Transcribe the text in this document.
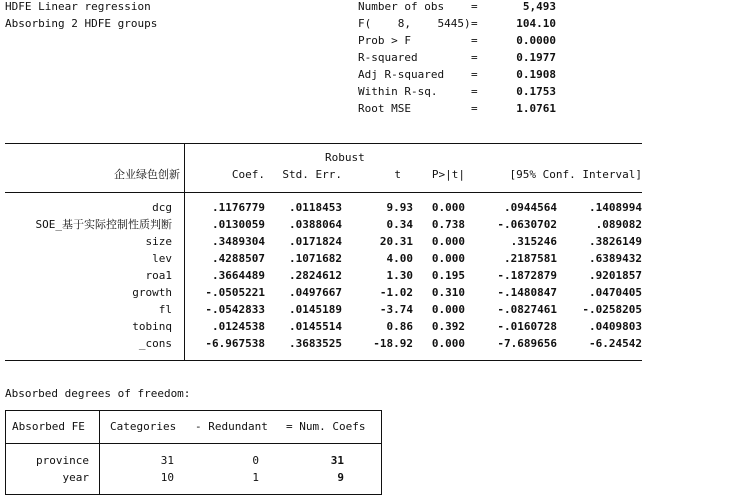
HDFE Linear regression
Absorbing 2 HDFE groups
Number of obs =	5,493
F(    8,    5445) =	104.10
Prob > F	=	0.0000
R-squared	=	0.1977
Adj R-squared =	0.1908
Within R-sq.	=	0.1753
Root MSE	=	1.0761
Robust
企业绿色创新	Coef. Std. Err.	t	P>|t|	[95% Conf. Interval]
dcg	.1176779 .0118453	9.93 0.000	.0944564	.1408994
SOE_基于实际控制性质判断	.0130059 .0388064	0.34 0.738	-.0630702	.089082
size	.3489304 .0171824	20.31 0.000	.315246	.3826149
lev	.4288507 .1071682	4.00 0.000	.2187581	.6389432
roa1	.3664489 .2824612	1.30 0.195	-.1872879	.9201857
growth	-.0505221 .0497667	-1.02 0.310	-.1480847	.0470405
fl	-.0542833 .0145189	-3.74 0.000	-.0827461 -.0258205
tobinq	.0124538 .0145514	0.86 0.392	-.0160728	.0409803
_cons	-6.967538 .3683525	-18.92 0.000	-7.689656	-6.24542
Absorbed degrees of freedom:
Absorbed FE Categories - Redundant = Num. Coefs
province	31	0	31
year	10	1	9
